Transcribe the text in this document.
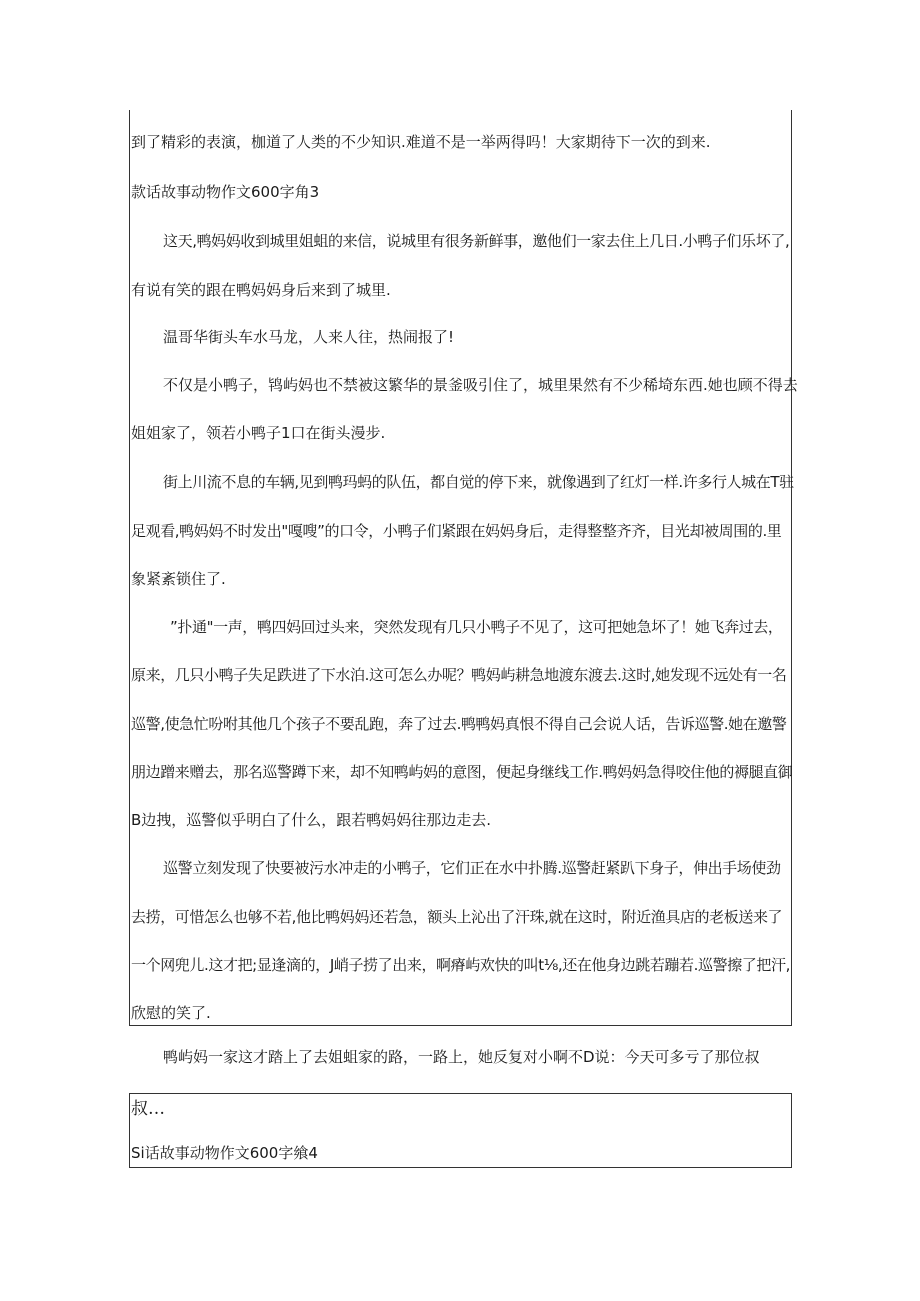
到了精彩的表演，枷道了人类的不少知识.难道不是一举两得吗！大家期待下一次的到来.
款话故事动物作文600字角3
这天,鸭妈妈收到城里姐蛆的来信，说城里有很务新鲜事，邀他们一家去住上几日.小鸭子们乐坏了,
有说有笑的跟在鸭妈妈身后来到了城里.
温哥华街头车水马龙，人来人往，热闹报了!
不仅是小鸭子，鸨屿妈也不禁被这繁华的景釜吸引住了，城里果然有不少稀埼东西.她也顾不得去
姐姐家了，领若小鸭子1口在街头漫步.
街上川流不息的车辆,见到鸭玛蚂的队伍，都自觉的停下来，就像遇到了红灯一样.许多行人城在T驻
足观看,鸭妈妈不时发出"嘎嗖”的口令，小鸭子们紧跟在妈妈身后，走得整整齐齐，目光却被周围的.里
象紧紊锁住了.
”扑通"一声，鸭四妈回过头来，突然发现有几只小鸭子不见了，这可把她急坏了！她飞奔过去，
原来，几只小鸭子失足跌进了下水泊.这可怎么办呢？鸭妈屿耕急地渡东渡去.这时,她发现不远处有一名
巡警,使急忙吩咐其他几个孩子不要乱跑，奔了过去.鸭鸭妈真恨不得自己会说人话，告诉巡警.她在邀警
朋边蹭来赠去，那名巡警蹲下来，却不知鸭屿妈的意图，便起身继线工作.鸭妈妈急得咬住他的褥腿直御
B边拽，巡警似乎明白了什么，跟若鸭妈妈往那边走去.
巡警立刻发现了快要被污水冲走的小鸭子，它们正在水中扑腾.巡警赶紧趴下身子，伸出手场使劲
去捞，可惜怎么也够不若,他比鸭妈妈还若急，额头上沁出了汗珠,就在这时，附近渔具店的老板送来了
一个网兜儿.这才把;显逢滴的，J峭子捞了出来，啊瘠屿欢快的叫t⅛,还在他身边跳若蹦若.巡警擦了把汗,
欣慰的笑了.
鸭屿妈一家这才踏上了去姐蛆家的路，一路上，她反复对小啊不D说：今天可多亏了那位叔
叔…
Si话故事动物作文600字飨4
